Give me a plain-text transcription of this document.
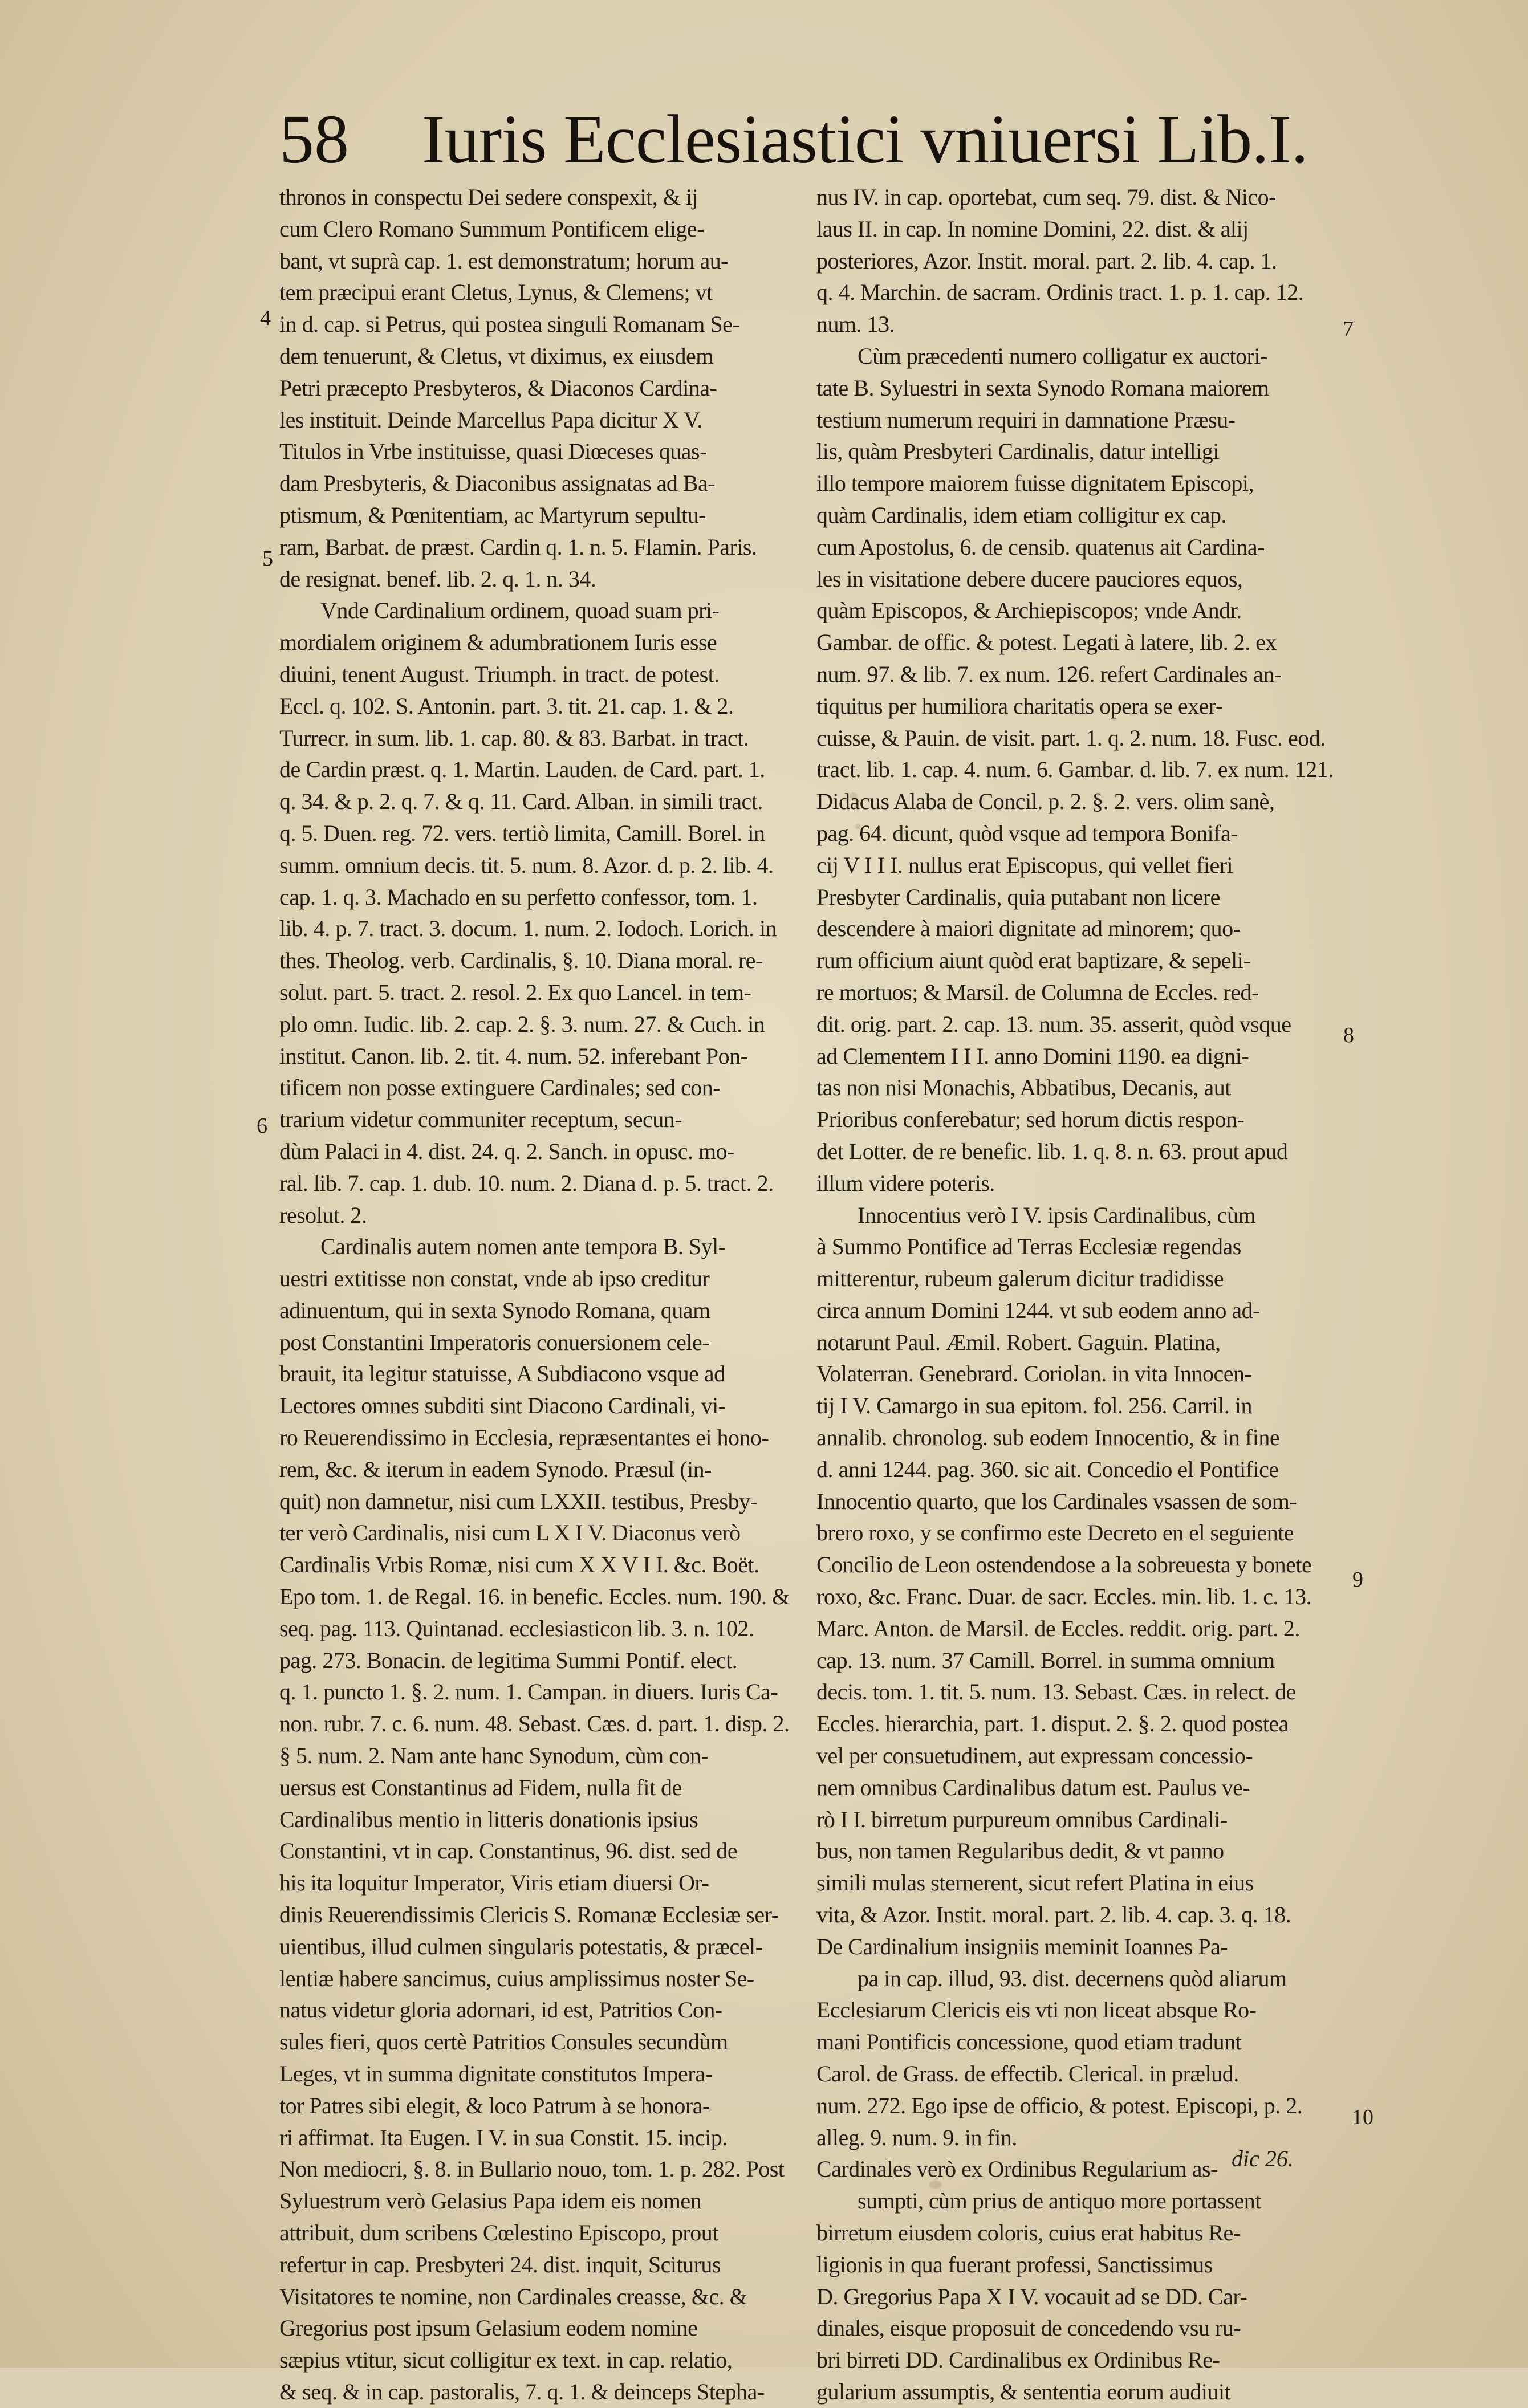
58 Iuris Ecclesiastici vniuersi Lib.I.
4
5
6
7
8
9
10
thronos in conspectu Dei sedere conspexit, & ij
cum Clero Romano Summum Pontificem elige-
bant, vt suprà cap. 1. est demonstratum; horum au-
tem præcipui erant Cletus, Lynus, & Clemens; vt
in d. cap. si Petrus, qui postea singuli Romanam Se-
dem tenuerunt, & Cletus, vt diximus, ex eiusdem
Petri præcepto Presbyteros, & Diaconos Cardina-
les instituit. Deinde Marcellus Papa dicitur X V.
Titulos in Vrbe instituisse, quasi Diœceses quas-
dam Presbyteris, & Diaconibus assignatas ad Ba-
ptismum, & Pœnitentiam, ac Martyrum sepultu-
ram, Barbat. de præst. Cardin q. 1. n. 5. Flamin. Paris.
de resignat. benef. lib. 2. q. 1. n. 34.
Vnde Cardinalium ordinem, quoad suam pri-
mordialem originem & adumbrationem Iuris esse
diuini, tenent August. Triumph. in tract. de potest.
Eccl. q. 102. S. Antonin. part. 3. tit. 21. cap. 1. & 2.
Turrecr. in sum. lib. 1. cap. 80. & 83. Barbat. in tract.
de Cardin præst. q. 1. Martin. Lauden. de Card. part. 1.
q. 34. & p. 2. q. 7. & q. 11. Card. Alban. in simili tract.
q. 5. Duen. reg. 72. vers. tertiò limita, Camill. Borel. in
summ. omnium decis. tit. 5. num. 8. Azor. d. p. 2. lib. 4.
cap. 1. q. 3. Machado en su perfetto confessor, tom. 1.
lib. 4. p. 7. tract. 3. docum. 1. num. 2. Iodoch. Lorich. in
thes. Theolog. verb. Cardinalis, §. 10. Diana moral. re-
solut. part. 5. tract. 2. resol. 2. Ex quo Lancel. in tem-
plo omn. Iudic. lib. 2. cap. 2. §. 3. num. 27. & Cuch. in
institut. Canon. lib. 2. tit. 4. num. 52. inferebant Pon-
tificem non posse extinguere Cardinales; sed con-
trarium videtur communiter receptum, secun-
dùm Palaci in 4. dist. 24. q. 2. Sanch. in opusc. mo-
ral. lib. 7. cap. 1. dub. 10. num. 2. Diana d. p. 5. tract. 2.
resolut. 2.
Cardinalis autem nomen ante tempora B. Syl-
uestri extitisse non constat, vnde ab ipso creditur
adinuentum, qui in sexta Synodo Romana, quam
post Constantini Imperatoris conuersionem cele-
brauit, ita legitur statuisse, A Subdiacono vsque ad
Lectores omnes subditi sint Diacono Cardinali, vi-
ro Reuerendissimo in Ecclesia, repræsentantes ei hono-
rem, &c. & iterum in eadem Synodo. Præsul (in-
quit) non damnetur, nisi cum LXXII. testibus, Presby-
ter verò Cardinalis, nisi cum L X I V. Diaconus verò
Cardinalis Vrbis Romæ, nisi cum X X V I I. &c. Boët.
Epo tom. 1. de Regal. 16. in benefic. Eccles. num. 190. &
seq. pag. 113. Quintanad. ecclesiasticon lib. 3. n. 102.
pag. 273. Bonacin. de legitima Summi Pontif. elect.
q. 1. puncto 1. §. 2. num. 1. Campan. in diuers. Iuris Ca-
non. rubr. 7. c. 6. num. 48. Sebast. Cæs. d. part. 1. disp. 2.
§ 5. num. 2. Nam ante hanc Synodum, cùm con-
uersus est Constantinus ad Fidem, nulla fit de
Cardinalibus mentio in litteris donationis ipsius
Constantini, vt in cap. Constantinus, 96. dist. sed de
his ita loquitur Imperator, Viris etiam diuersi Or-
dinis Reuerendissimis Clericis S. Romanæ Ecclesiæ ser-
uientibus, illud culmen singularis potestatis, & præcel-
lentiæ habere sancimus, cuius amplissimus noster Se-
natus videtur gloria adornari, id est, Patritios Con-
sules fieri, quos certè Patritios Consules secundùm
Leges, vt in summa dignitate constitutos Impera-
tor Patres sibi elegit, & loco Patrum à se honora-
ri affirmat. Ita Eugen. I V. in sua Constit. 15. incip.
Non mediocri, §. 8. in Bullario nouo, tom. 1. p. 282. Post
Syluestrum verò Gelasius Papa idem eis nomen
attribuit, dum scribens Cœlestino Episcopo, prout
refertur in cap. Presbyteri 24. dist. inquit, Sciturus
Visitatores te nomine, non Cardinales creasse, &c. &
Gregorius post ipsum Gelasium eodem nomine
sæpius vtitur, sicut colligitur ex text. in cap. relatio,
& seq. & in cap. pastoralis, 7. q. 1. & deinceps Stepha-
nus IV. in cap. oportebat, cum seq. 79. dist. & Nico-
laus II. in cap. In nomine Domini, 22. dist. & alij
posteriores, Azor. Instit. moral. part. 2. lib. 4. cap. 1.
q. 4. Marchin. de sacram. Ordinis tract. 1. p. 1. cap. 12.
num. 13.
Cùm præcedenti numero colligatur ex auctori-
tate B. Syluestri in sexta Synodo Romana maiorem
testium numerum requiri in damnatione Præsu-
lis, quàm Presbyteri Cardinalis, datur intelligi
illo tempore maiorem fuisse dignitatem Episcopi,
quàm Cardinalis, idem etiam colligitur ex cap.
cum Apostolus, 6. de censib. quatenus ait Cardina-
les in visitatione debere ducere pauciores equos,
quàm Episcopos, & Archiepiscopos; vnde Andr.
Gambar. de offic. & potest. Legati à latere, lib. 2. ex
num. 97. & lib. 7. ex num. 126. refert Cardinales an-
tiquitus per humiliora charitatis opera se exer-
cuisse, & Pauin. de visit. part. 1. q. 2. num. 18. Fusc. eod.
tract. lib. 1. cap. 4. num. 6. Gambar. d. lib. 7. ex num. 121.
Didacus Alaba de Concil. p. 2. §. 2. vers. olim sanè,
pag. 64. dicunt, quòd vsque ad tempora Bonifa-
cij V I I I. nullus erat Episcopus, qui vellet fieri
Presbyter Cardinalis, quia putabant non licere
descendere à maiori dignitate ad minorem; quo-
rum officium aiunt quòd erat baptizare, & sepeli-
re mortuos; & Marsil. de Columna de Eccles. red-
dit. orig. part. 2. cap. 13. num. 35. asserit, quòd vsque
ad Clementem I I I. anno Domini 1190. ea digni-
tas non nisi Monachis, Abbatibus, Decanis, aut
Prioribus conferebatur; sed horum dictis respon-
det Lotter. de re benefic. lib. 1. q. 8. n. 63. prout apud
illum videre poteris.
Innocentius verò I V. ipsis Cardinalibus, cùm
à Summo Pontifice ad Terras Ecclesiæ regendas
mitterentur, rubeum galerum dicitur tradidisse
circa annum Domini 1244. vt sub eodem anno ad-
notarunt Paul. Æmil. Robert. Gaguin. Platina,
Volaterran. Genebrard. Coriolan. in vita Innocen-
tij I V. Camargo in sua epitom. fol. 256. Carril. in
annalib. chronolog. sub eodem Innocentio, & in fine
d. anni 1244. pag. 360. sic ait. Concedio el Pontifice
Innocentio quarto, que los Cardinales vsassen de som-
brero roxo, y se confirmo este Decreto en el seguiente
Concilio de Leon ostendendose a la sobreuesta y bonete
roxo, &c. Franc. Duar. de sacr. Eccles. min. lib. 1. c. 13.
Marc. Anton. de Marsil. de Eccles. reddit. orig. part. 2.
cap. 13. num. 37 Camill. Borrel. in summa omnium
decis. tom. 1. tit. 5. num. 13. Sebast. Cæs. in relect. de
Eccles. hierarchia, part. 1. disput. 2. §. 2. quod postea
vel per consuetudinem, aut expressam concessio-
nem omnibus Cardinalibus datum est. Paulus ve-
rò I I. birretum purpureum omnibus Cardinali-
bus, non tamen Regularibus dedit, & vt panno
simili mulas sternerent, sicut refert Platina in eius
vita, & Azor. Instit. moral. part. 2. lib. 4. cap. 3. q. 18.
De Cardinalium insigniis meminit Ioannes Pa-
pa in cap. illud, 93. dist. decernens quòd aliarum
Ecclesiarum Clericis eis vti non liceat absque Ro-
mani Pontificis concessione, quod etiam tradunt
Carol. de Grass. de effectib. Clerical. in prælud.
num. 272. Ego ipse de officio, & potest. Episcopi, p. 2.
alleg. 9. num. 9. in fin.
Cardinales verò ex Ordinibus Regularium as-
sumpti, cùm prius de antiquo more portassent
birretum eiusdem coloris, cuius erat habitus Re-
ligionis in qua fuerant professi, Sanctissimus
D. Gregorius Papa X I V. vocauit ad se DD. Car-
dinales, eisque proposuit de concedendo vsu ru-
bri birreti DD. Cardinalibus ex Ordinibus Re-
gularium assumptis, & sententia eorum audiuit
dic 26.
